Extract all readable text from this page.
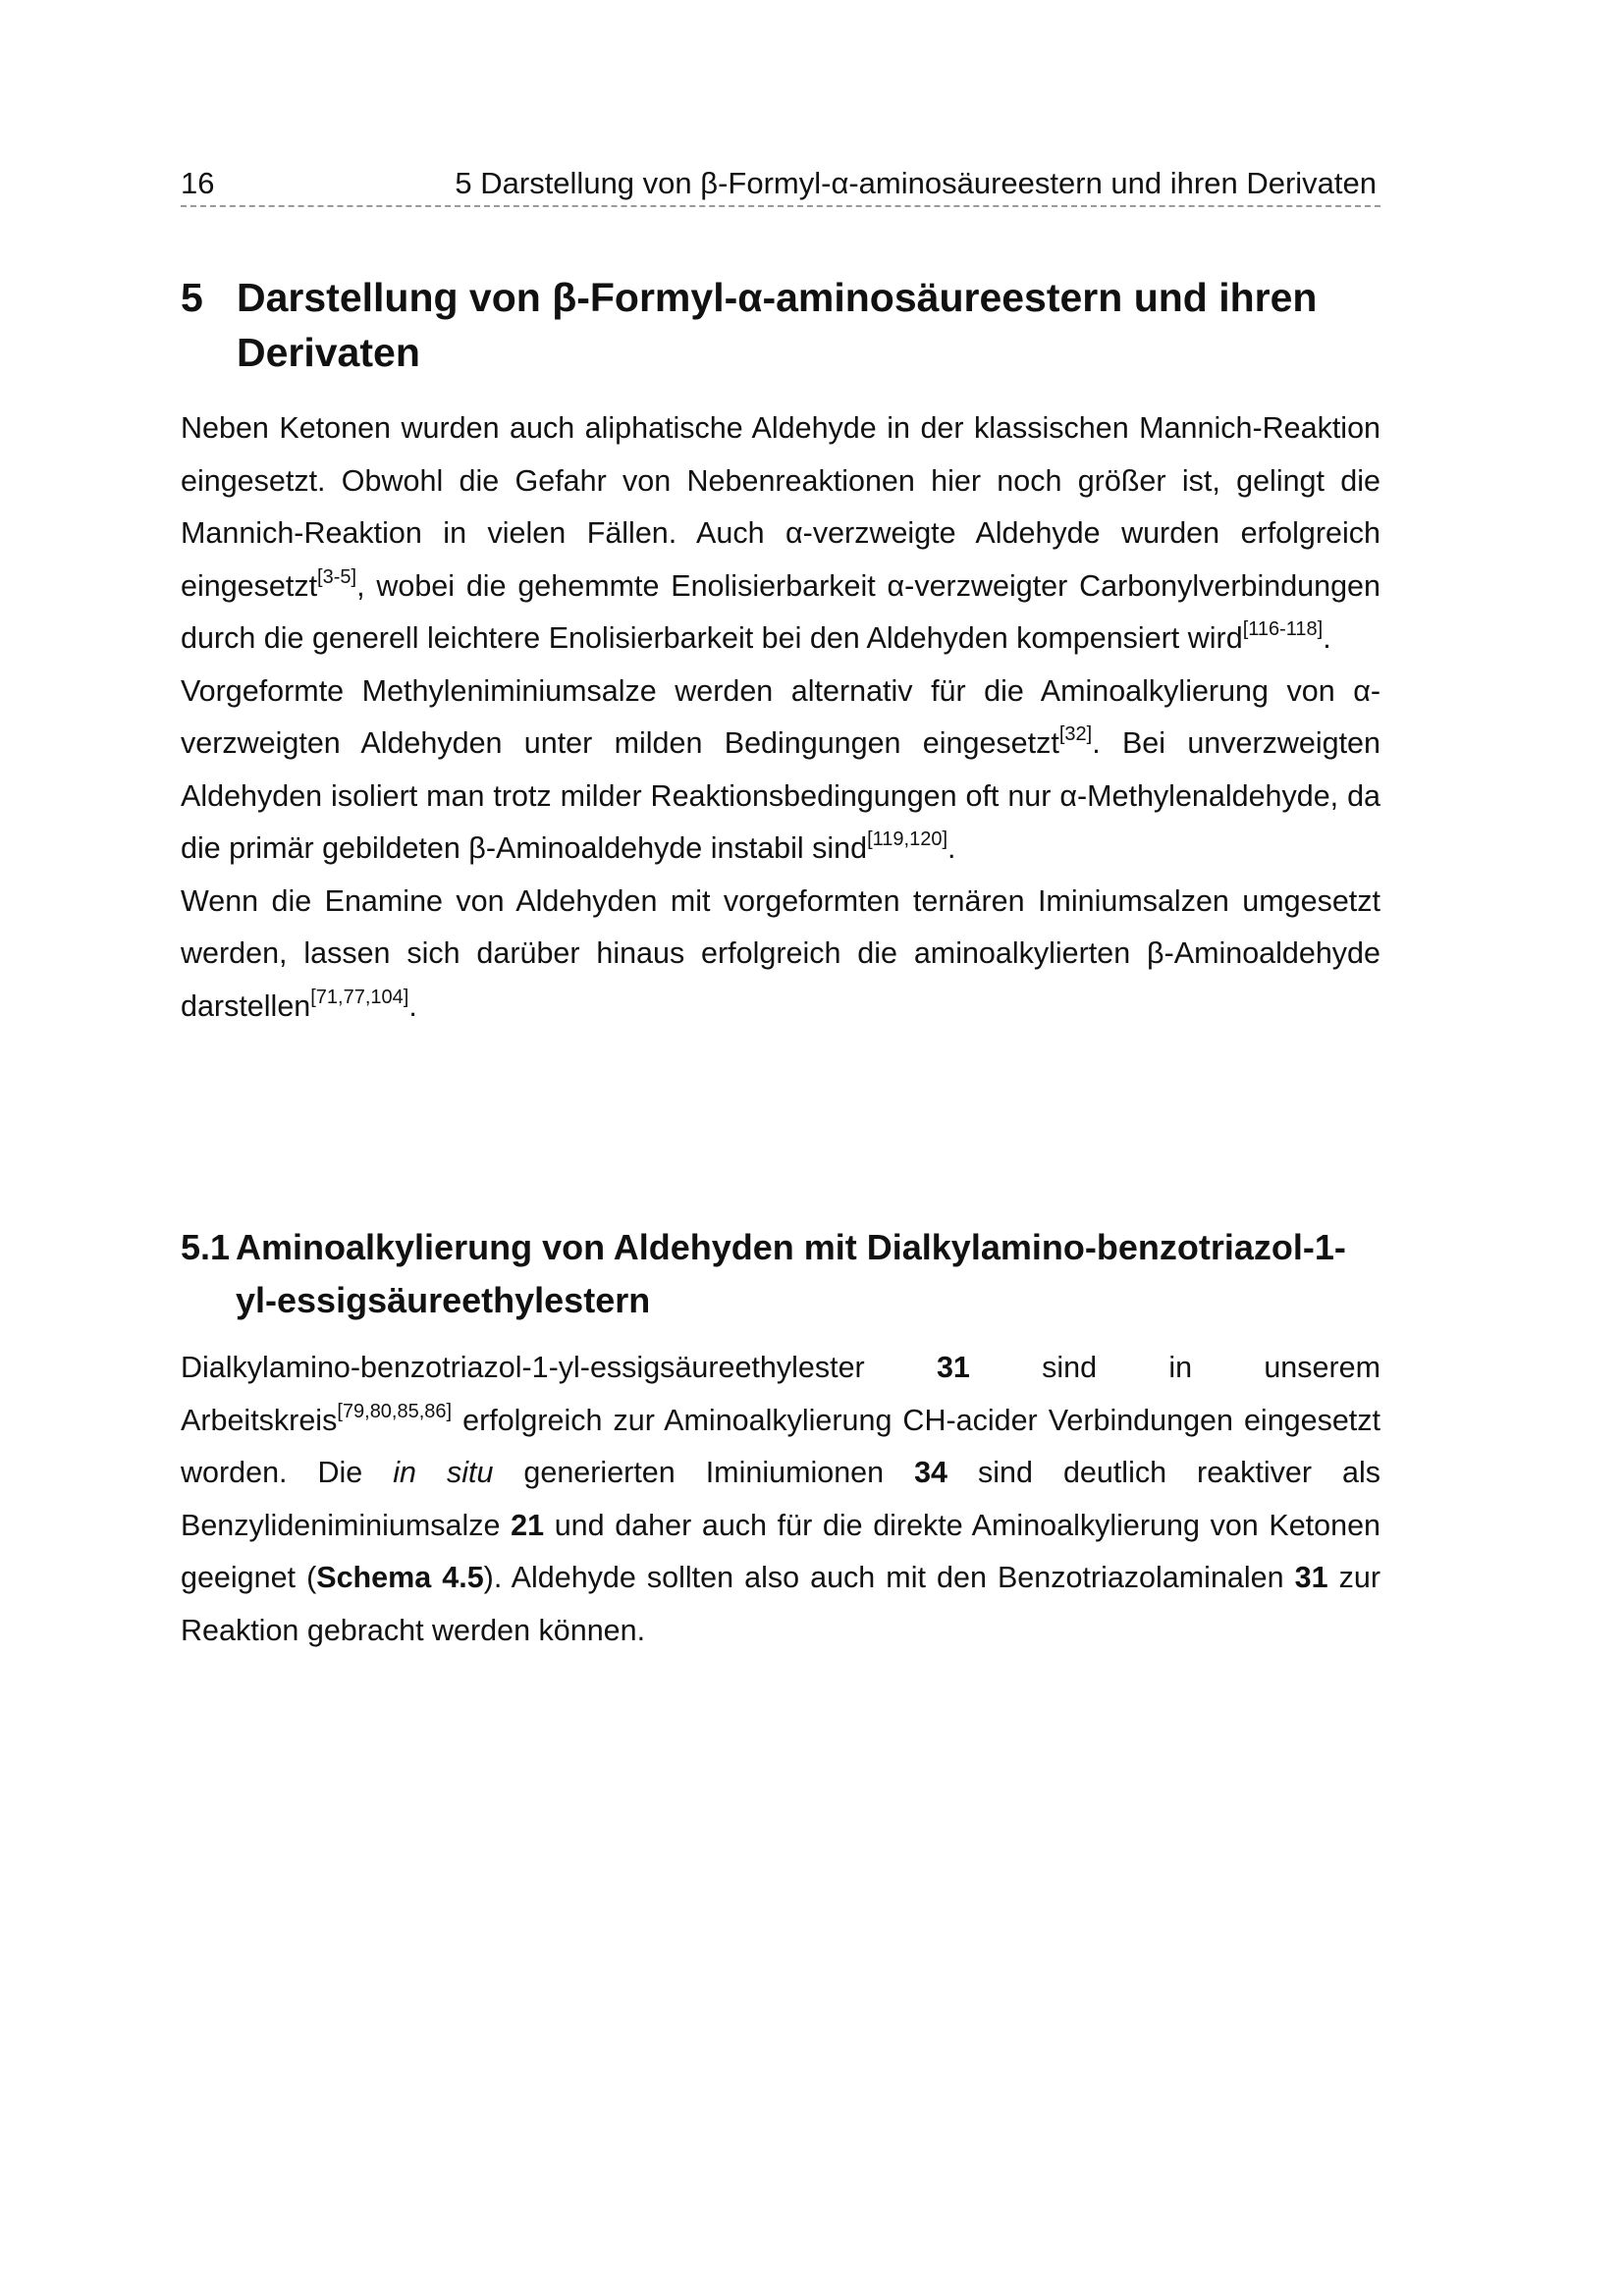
16	5 Darstellung von β-Formyl-α-aminosäureestern und ihren Derivaten
5 Darstellung von β-Formyl-α-aminosäureestern und ihren Derivaten

Neben Ketonen wurden auch aliphatische Aldehyde in der klassischen Mannich-Reaktion eingesetzt. Obwohl die Gefahr von Nebenreaktionen hier noch größer ist, gelingt die Mannich-Reaktion in vielen Fällen. Auch α-verzweigte Aldehyde wurden erfolgreich eingesetzt[3-5], wobei die gehemmte Enolisierbarkeit α-verzweigter Carbonylverbindungen durch die generell leichtere Enolisierbarkeit bei den Aldehyden kompensiert wird[116-118].

Vorgeformte Methyleniminiumsalze werden alternativ für die Aminoalkylierung von α-verzweigten Aldehyden unter milden Bedingungen eingesetzt[32]. Bei unverzweigten Aldehyden isoliert man trotz milder Reaktionsbedingungen oft nur α-Methylenaldehyde, da die primär gebildeten β-Aminoaldehyde instabil sind[119,120].

Wenn die Enamine von Aldehyden mit vorgeformten ternären Iminiumsalzen umgesetzt werden, lassen sich darüber hinaus erfolgreich die aminoalkylierten β-Aminoaldehyde darstellen[71,77,104].

5.1 Aminoalkylierung von Aldehyden mit Dialkylamino-benzotriazol-1-yl-essigsäureethylestern

Dialkylamino-benzotriazol-1-yl-essigsäureethylester 31 sind in unserem Arbeitskreis[79,80,85,86] erfolgreich zur Aminoalkylierung CH-acider Verbindungen eingesetzt worden. Die in situ generierten Iminiumionen 34 sind deutlich reaktiver als Benzylideniminiumsalze 21 und daher auch für die direkte Aminoalkylierung von Ketonen geeignet (Schema 4.5). Aldehyde sollten also auch mit den Benzotriazolaminalen 31 zur Reaktion gebracht werden können.
